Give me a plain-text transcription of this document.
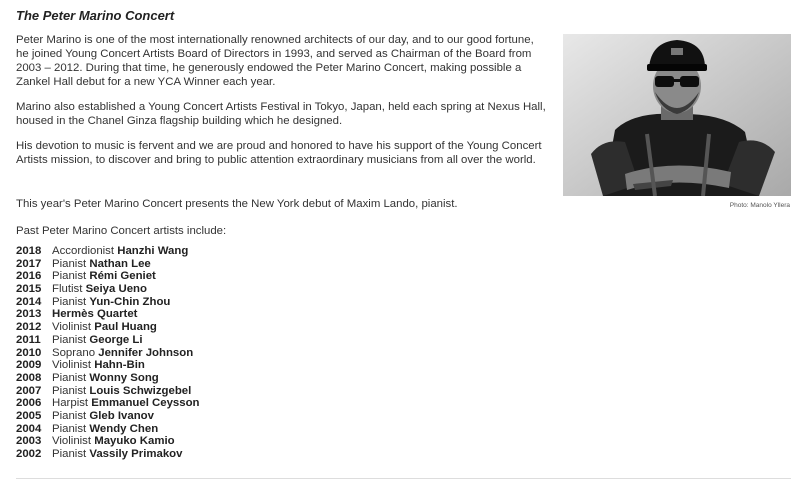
The Peter Marino Concert

Peter Marino is one of the most internationally renowned architects of our day, and to our good fortune, he joined Young Concert Artists Board of Directors in 1993, and served as Chairman of the Board from 2003 – 2012. During that time, he generously endowed the Peter Marino Concert, making possible a Zankel Hall debut for a new YCA Winner each year.

Marino also established a Young Concert Artists Festival in Tokyo, Japan, held each spring at Nexus Hall, housed in the Chanel Ginza flagship building which he designed.

His devotion to music is fervent and we are proud and honored to have his support of the Young Concert Artists mission, to discover and bring to public attention extraordinary musicians from all over the world.

Photo: Manolo Yllera

This year's Peter Marino Concert presents the New York debut of Maxim Lando, pianist.

Past Peter Marino Concert artists include:

2018 Accordionist Hanzhi Wang
2017 Pianist Nathan Lee
2016 Pianist Rémi Geniet
2015 Flutist Seiya Ueno
2014 Pianist Yun-Chin Zhou
2013 Hermès Quartet
2012 Violinist Paul Huang
2011 Pianist George Li
2010 Soprano Jennifer Johnson
2009 Violinist Hahn-Bin
2008 Pianist Wonny Song
2007 Pianist Louis Schwizgebel
2006 Harpist Emmanuel Ceysson
2005 Pianist Gleb Ivanov
2004 Pianist Wendy Chen
2003 Violinist Mayuko Kamio
2002 Pianist Vassily Primakov
